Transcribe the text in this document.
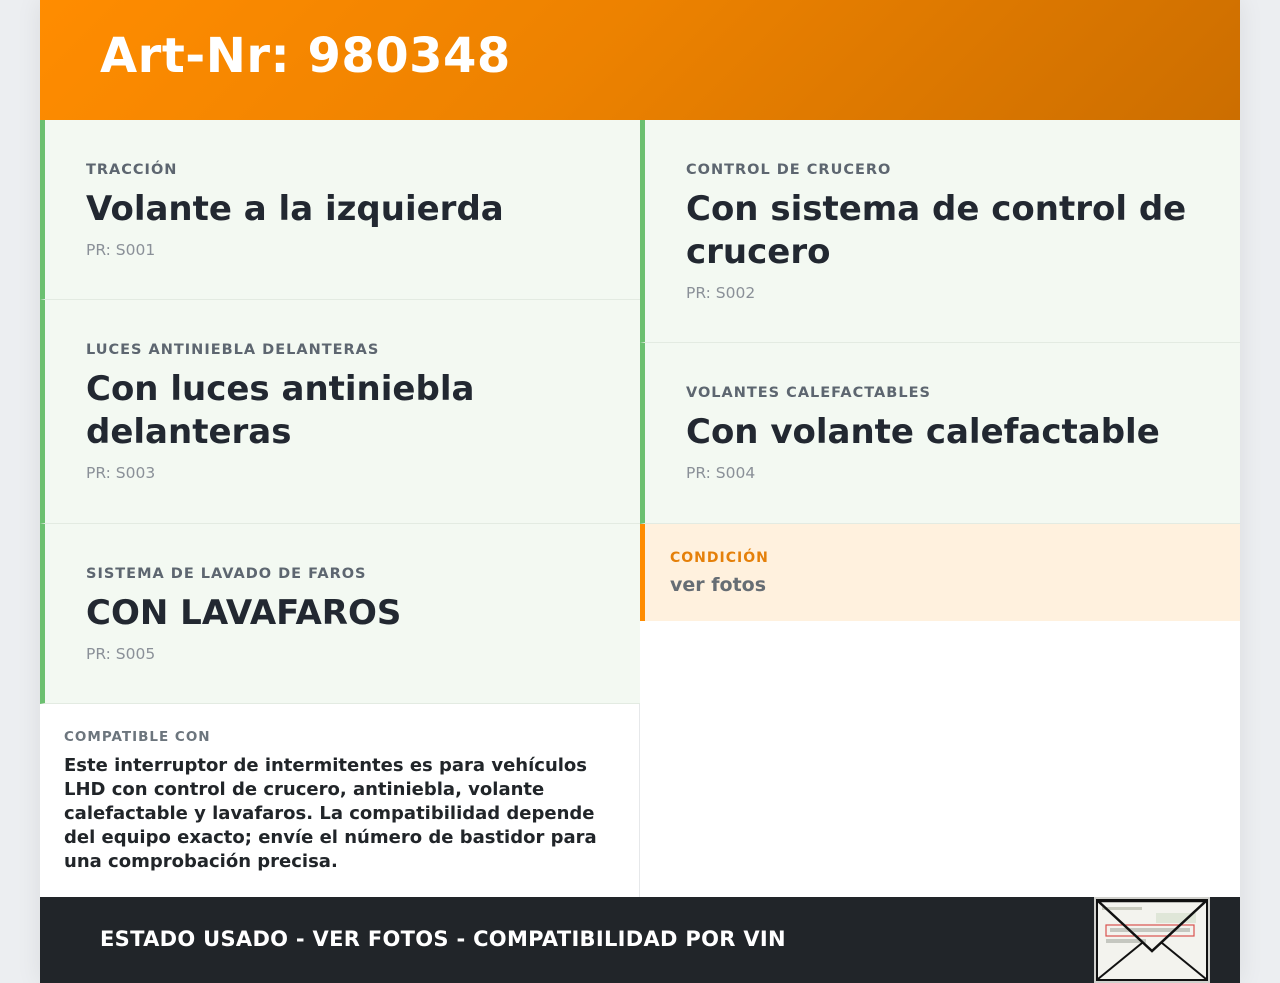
Art-Nr: 980348
TRACCIÓN
Volante a la izquierda
PR: S001
LUCES ANTINIEBLA DELANTERAS
Con luces antiniebla delanteras
PR: S003
SISTEMA DE LAVADO DE FAROS
CON LAVAFAROS
PR: S005
COMPATIBLE CON
Este interruptor de intermitentes es para vehículos LHD con control de crucero, antiniebla, volante calefactable y lavafaros. La compatibilidad depende del equipo exacto; envíe el número de bastidor para una comprobación precisa.
CONTROL DE CRUCERO
Con sistema de control de crucero
PR: S002
VOLANTES CALEFACTABLES
Con volante calefactable
PR: S004
CONDICIÓN
ver fotos
ESTADO USADO - VER FOTOS - COMPATIBILIDAD POR VIN
